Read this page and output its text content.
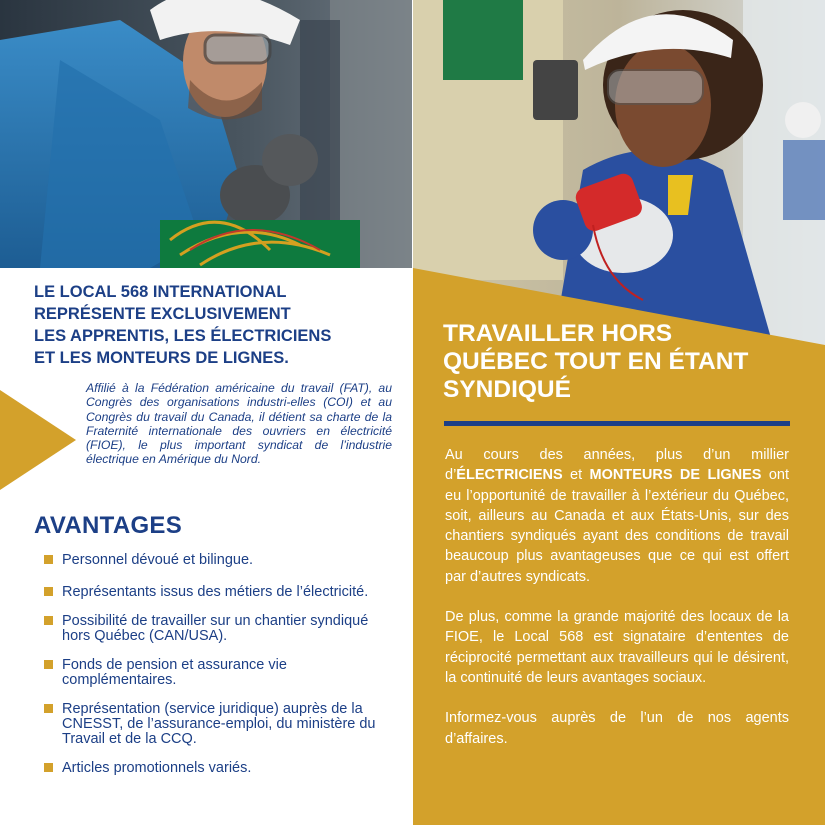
LE LOCAL 568 INTERNATIONAL
REPRÉSENTE EXCLUSIVEMENT
LES APPRENTIS, LES ÉLECTRICIENS
ET LES MONTEURS DE LIGNES.

Affilié à la Fédération américaine du travail (FAT), au Congrès des organisations industri-elles (COI) et au Congrès du travail du Canada, il détient sa charte de la Fraternité internationale des ouvriers en électricité (FIOE), le plus important syndicat de l’industrie électrique en Amérique du Nord.

AVANTAGES
Personnel dévoué et bilingue.
Représentants issus des métiers de l’électricité.
Possibilité de travailler sur un chantier syndiqué hors Québec (CAN/USA).
Fonds de pension et assurance vie complémentaires.
Représentation (service juridique) auprès de la CNESST, de l’assurance-emploi, du ministère du Travail et de la CCQ.
Articles promotionnels variés.
TRAVAILLER HORS
QUÉBEC TOUT EN ÉTANT
SYNDIQUÉ

Au cours des années, plus d’un millier d’ÉLECTRICIENS et MONTEURS DE LIGNES ont eu l’opportunité de travailler à l’extérieur du Québec, soit, ailleurs au Canada et aux États-Unis, sur des chantiers syndiqués ayant des conditions de travail beaucoup plus avantageuses que ce qui est offert par d’autres syndicats.

De plus, comme la grande majorité des locaux de la FIOE, le Local 568 est signataire d’ententes de réciprocité permettant aux travailleurs qui le désirent, la continuité de leurs avantages sociaux.

Informez-vous auprès de l’un de nos agents d’affaires.
